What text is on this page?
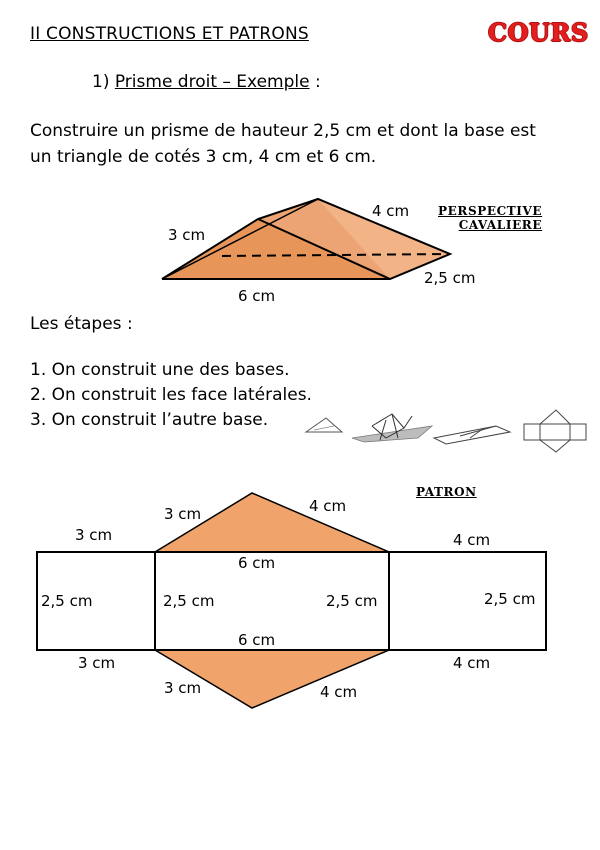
II CONSTRUCTIONS ET PATRONS	COURS
1) Prisme droit – Exemple :
Construire un prisme de hauteur 2,5 cm et dont la base est
un triangle de cotés 3 cm, 4 cm et 6 cm.
3 cm
4 cm
6 cm
2,5 cm
PERSPECTIVE
CAVALIERE
Les étapes :
1. On construit une des bases.
2. On construit les face latérales.
3. On construit l’autre base.
PATRON
3 cm	4 cm
3 cm	4 cm
6 cm
2,5 cm	2,5 cm	2,5 cm	2,5 cm
6 cm
3 cm	4 cm
3 cm	4 cm
